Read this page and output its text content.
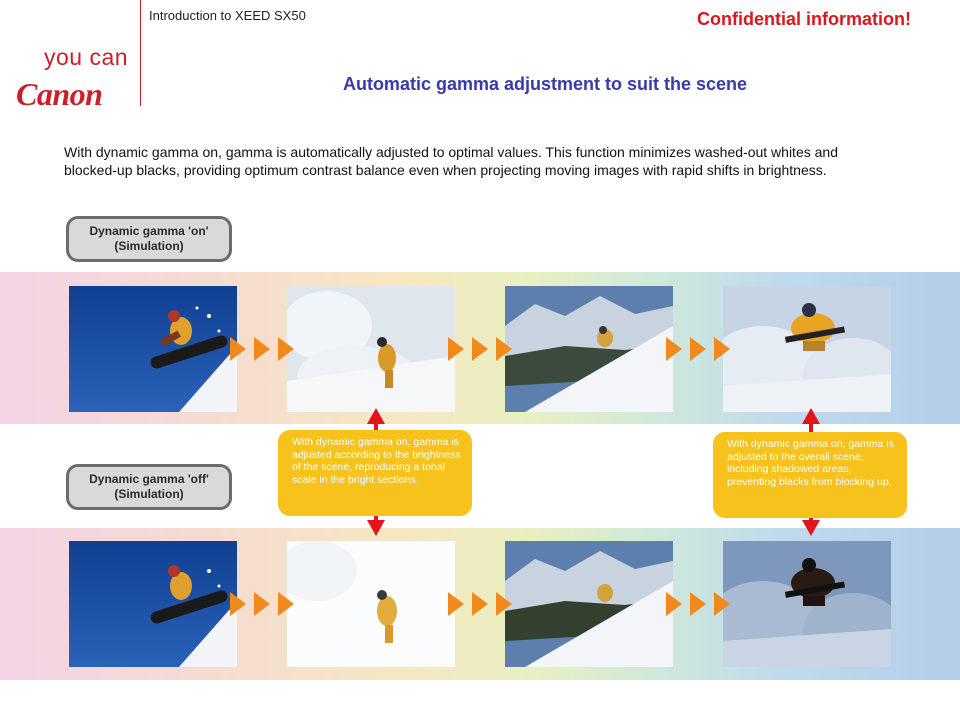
you can
Canon
Introduction to XEED SX50	Confidential information!
Automatic gamma adjustment to suit the scene
With dynamic gamma on, gamma is automatically adjusted to optimal values. This function minimizes washed-out whites and blocked-up blacks, providing optimum contrast balance even when projecting moving images with rapid shifts in brightness.
Dynamic gamma 'on'
(Simulation)
Dynamic gamma 'off'
(Simulation)
With dynamic gamma on, gamma is adjusted according to the brightness of the scene, reproducing a tonal scale in the bright sections.
With dynamic gamma on, gamma is adjusted to the overall scene, including shadowed areas, preventing blacks from blocking up.
